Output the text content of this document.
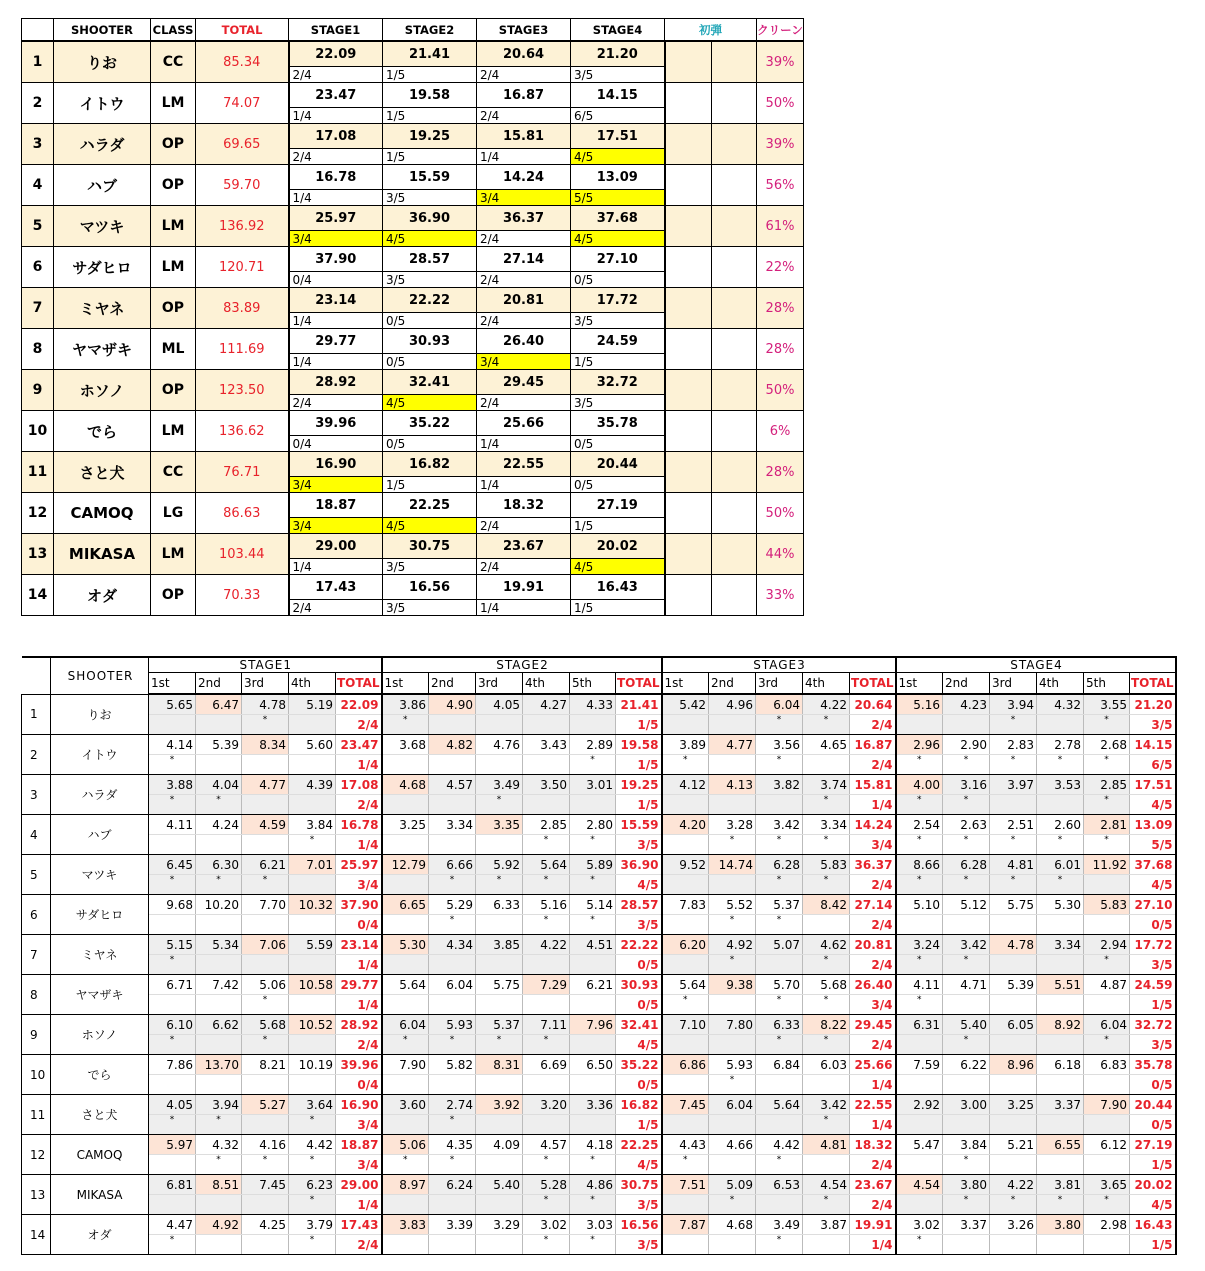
	SHOOTER	CLASS	TOTAL	STAGE1	STAGE2	STAGE3	STAGE4	初弾		クリーン
1	りお	CC	85.34	22.09	21.41	20.64	21.20			39%
				2/4	1/5	2/4	3/5			
2	イトウ	LM	74.07	23.47	19.58	16.87	14.15			50%
				1/4	1/5	2/4	6/5			
3	ハラダ	OP	69.65	17.08	19.25	15.81	17.51			39%
				2/4	1/5	1/4	4/5			
4	ハブ	OP	59.70	16.78	15.59	14.24	13.09			56%
				1/4	3/5	3/4	5/5			
5	マツキ	LM	136.92	25.97	36.90	36.37	37.68			61%
				3/4	4/5	2/4	4/5			
6	サダヒロ	LM	120.71	37.90	28.57	27.14	27.10			22%
				0/4	3/5	2/4	0/5			
7	ミヤネ	OP	83.89	23.14	22.22	20.81	17.72			28%
				1/4	0/5	2/4	3/5			
8	ヤマザキ	ML	111.69	29.77	30.93	26.40	24.59			28%
				1/4	0/5	3/4	1/5			
9	ホソノ	OP	123.50	28.92	32.41	29.45	32.72			50%
				2/4	4/5	2/4	3/5			
10	でら	LM	136.62	39.96	35.22	25.66	35.78			6%
				0/4	0/5	1/4	0/5			
11	さと犬	CC	76.71	16.90	16.82	22.55	20.44			28%
				3/4	1/5	1/4	0/5			
12	CAMOQ	LG	86.63	18.87	22.25	18.32	27.19			50%
				3/4	4/5	2/4	1/5			
13	MIKASA	LM	103.44	29.00	30.75	23.67	20.02			44%
				1/4	3/5	2/4	4/5			
14	オダ	OP	70.33	17.43	16.56	19.91	16.43			33%
				2/4	3/5	1/4	1/5			
	SHOOTER	STAGE1					STAGE2						STAGE3					STAGE4					
		1st	2nd	3rd	4th	TOTAL	1st	2nd	3rd	4th	5th	TOTAL	1st	2nd	3rd	4th	TOTAL	1st	2nd	3rd	4th	5th	TOTAL
1	りお	5.65	6.47	4.78	5.19	22.09	3.86	4.90	4.05	4.27	4.33	21.41	5.42	4.96	6.04	4.22	20.64	5.16	4.23	3.94	4.32	3.55	21.20
				*		2/4	*					1/5			*	*	2/4			*		*	3/5
2	イトウ	4.14	5.39	8.34	5.60	23.47	3.68	4.82	4.76	3.43	2.89	19.58	3.89	4.77	3.56	4.65	16.87	2.96	2.90	2.83	2.78	2.68	14.15
		*				1/4					*	1/5	*		*		2/4	*	*	*	*	*	6/5
3	ハラダ	3.88	4.04	4.77	4.39	17.08	4.68	4.57	3.49	3.50	3.01	19.25	4.12	4.13	3.82	3.74	15.81	4.00	3.16	3.97	3.53	2.85	17.51
		*	*			2/4			*			1/5				*	1/4	*	*			*	4/5
4	ハブ	4.11	4.24	4.59	3.84	16.78	3.25	3.34	3.35	2.85	2.80	15.59	4.20	3.28	3.42	3.34	14.24	2.54	2.63	2.51	2.60	2.81	13.09
					*	1/4				*	*	3/5		*	*	*	3/4	*	*	*	*	*	5/5
5	マツキ	6.45	6.30	6.21	7.01	25.97	12.79	6.66	5.92	5.64	5.89	36.90	9.52	14.74	6.28	5.83	36.37	8.66	6.28	4.81	6.01	11.92	37.68
		*	*	*		3/4		*	*	*	*	4/5			*	*	2/4	*	*	*	*		4/5
6	サダヒロ	9.68	10.20	7.70	10.32	37.90	6.65	5.29	6.33	5.16	5.14	28.57	7.83	5.52	5.37	8.42	27.14	5.10	5.12	5.75	5.30	5.83	27.10
						0/4		*		*	*	3/5		*	*		2/4						0/5
7	ミヤネ	5.15	5.34	7.06	5.59	23.14	5.30	4.34	3.85	4.22	4.51	22.22	6.20	4.92	5.07	4.62	20.81	3.24	3.42	4.78	3.34	2.94	17.72
		*				1/4						0/5		*		*	2/4	*	*			*	3/5
8	ヤマザキ	6.71	7.42	5.06	10.58	29.77	5.64	6.04	5.75	7.29	6.21	30.93	5.64	9.38	5.70	5.68	26.40	4.11	4.71	5.39	5.51	4.87	24.59
				*		1/4						0/5	*		*	*	3/4	*					1/5
9	ホソノ	6.10	6.62	5.68	10.52	28.92	6.04	5.93	5.37	7.11	7.96	32.41	7.10	7.80	6.33	8.22	29.45	6.31	5.40	6.05	8.92	6.04	32.72
		*		*		2/4	*	*	*	*		4/5			*	*	2/4		*			*	3/5
10	でら	7.86	13.70	8.21	10.19	39.96	7.90	5.82	8.31	6.69	6.50	35.22	6.86	5.93	6.84	6.03	25.66	7.59	6.22	8.96	6.18	6.83	35.78
						0/4						0/5		*			1/4						0/5
11	さと犬	4.05	3.94	5.27	3.64	16.90	3.60	2.74	3.92	3.20	3.36	16.82	7.45	6.04	5.64	3.42	22.55	2.92	3.00	3.25	3.37	7.90	20.44
		*	*		*	3/4		*				1/5				*	1/4						0/5
12	CAMOQ	5.97	4.32	4.16	4.42	18.87	5.06	4.35	4.09	4.57	4.18	22.25	4.43	4.66	4.42	4.81	18.32	5.47	3.84	5.21	6.55	6.12	27.19
			*	*	*	3/4	*	*		*	*	4/5	*		*		2/4		*				1/5
13	MIKASA	6.81	8.51	7.45	6.23	29.00	8.97	6.24	5.40	5.28	4.86	30.75	7.51	5.09	6.53	4.54	23.67	4.54	3.80	4.22	3.81	3.65	20.02
					*	1/4				*	*	3/5		*		*	2/4		*	*	*	*	4/5
14	オダ	4.47	4.92	4.25	3.79	17.43	3.83	3.39	3.29	3.02	3.03	16.56	7.87	4.68	3.49	3.87	19.91	3.02	3.37	3.26	3.80	2.98	16.43
		*			*	2/4				*	*	3/5			*		1/4	*					1/5
